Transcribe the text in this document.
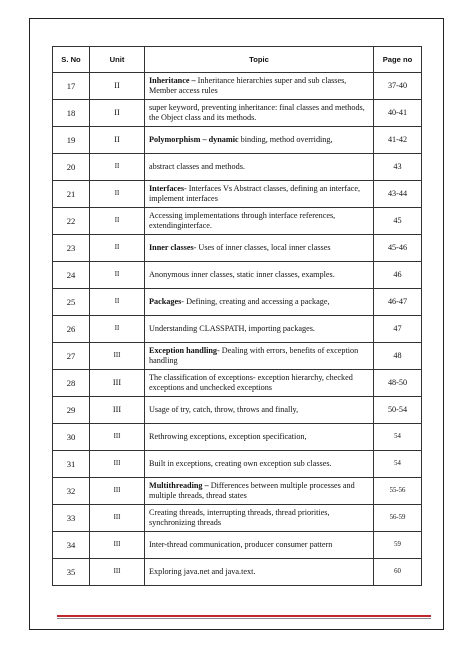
S. No	Unit	Topic	Page no
17	II	Inheritance – Inheritance hierarchies super and sub classes, Member access rules	37-40
18	II	super keyword, preventing inheritance: final classes and methods, the Object class and its methods.	40-41
19	II	Polymorphism – dynamic binding, method overriding,	41-42
20	II	abstract classes and methods.	43
21	II	Interfaces- Interfaces Vs Abstract classes, defining an interface, implement interfaces	43-44
22	II	Accessing implementations through interface references, extendinginterface.	45
23	II	Inner classes- Uses of inner classes, local inner classes	45-46
24	II	Anonymous inner classes, static inner classes, examples.	46
25	II	Packages- Defining, creating and accessing a package,	46-47
26	II	Understanding CLASSPATH, importing packages.	47
27	III	Exception handling- Dealing with errors, benefits of exception handling	48
28	III	The classification of exceptions- exception hierarchy, checked exceptions and unchecked exceptions	48-50
29	III	Usage of try, catch, throw, throws and finally,	50-54
30	III	Rethrowing exceptions, exception specification,	54
31	III	Built in exceptions, creating own exception sub classes.	54
32	III	Multithreading – Differences between multiple processes and multiple threads, thread states	55-56
33	III	Creating threads, interrupting threads, thread priorities, synchronizing threads	56-59
34	III	Inter-thread communication, producer consumer pattern	59
35	III	Exploring java.net and java.text.	60
